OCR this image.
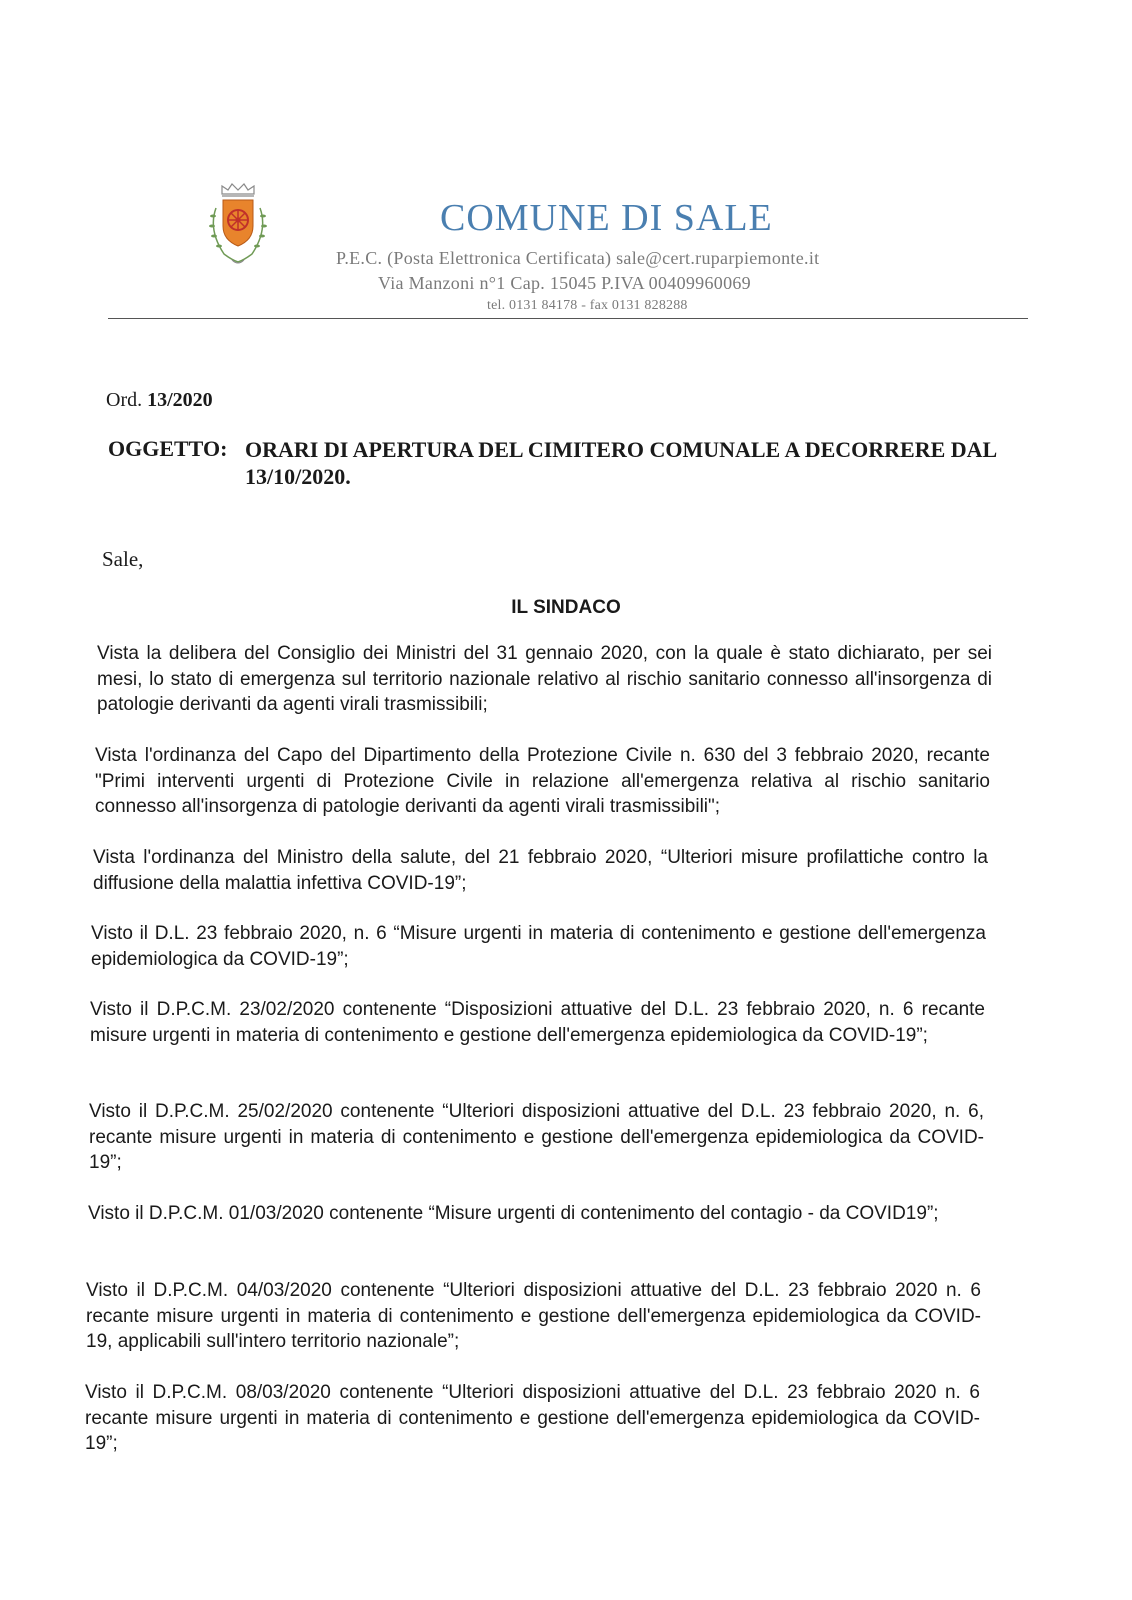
COMUNE DI SALE
P.E.C. (Posta Elettronica Certificata) sale@cert.ruparpiemonte.it
Via Manzoni n°1 Cap. 15045 P.IVA 00409960069
tel. 0131 84178 - fax 0131 828288
Ord. 13/2020
OGGETTO: ORARI DI APERTURA DEL CIMITERO COMUNALE A DECORRERE DAL 13/10/2020.
Sale,
IL SINDACO
Vista la delibera del Consiglio dei Ministri del 31 gennaio 2020, con la quale è stato dichiarato, per sei mesi, lo stato di emergenza sul territorio nazionale relativo al rischio sanitario connesso all'insorgenza di patologie derivanti da agenti virali trasmissibili;
Vista l'ordinanza del Capo del Dipartimento della Protezione Civile n. 630 del 3 febbraio 2020, recante "Primi interventi urgenti di Protezione Civile in relazione all'emergenza relativa al rischio sanitario connesso all'insorgenza di patologie derivanti da agenti virali trasmissibili";
Vista l'ordinanza del Ministro della salute, del 21 febbraio 2020, “Ulteriori misure profilattiche contro la diffusione della malattia infettiva COVID-19”;
Visto il D.L. 23 febbraio 2020, n. 6 “Misure urgenti in materia di contenimento e gestione dell'emergenza epidemiologica da COVID-19”;
Visto il D.P.C.M. 23/02/2020 contenente “Disposizioni attuative del D.L. 23 febbraio 2020, n. 6 recante misure urgenti in materia di contenimento e gestione dell'emergenza epidemiologica da COVID-19”;
Visto il D.P.C.M. 25/02/2020 contenente “Ulteriori disposizioni attuative del D.L. 23 febbraio 2020, n. 6, recante misure urgenti in materia di contenimento e gestione dell'emergenza epidemiologica da COVID-19”;
Visto il D.P.C.M. 01/03/2020 contenente “Misure urgenti di contenimento del contagio - da COVID19”;
Visto il D.P.C.M. 04/03/2020 contenente “Ulteriori disposizioni attuative del D.L. 23 febbraio 2020 n. 6 recante misure urgenti in materia di contenimento e gestione dell'emergenza epidemiologica da COVID-19, applicabili sull'intero territorio nazionale”;
Visto il D.P.C.M. 08/03/2020 contenente “Ulteriori disposizioni attuative del D.L. 23 febbraio 2020 n. 6 recante misure urgenti in materia di contenimento e gestione dell'emergenza epidemiologica da COVID-19”;
